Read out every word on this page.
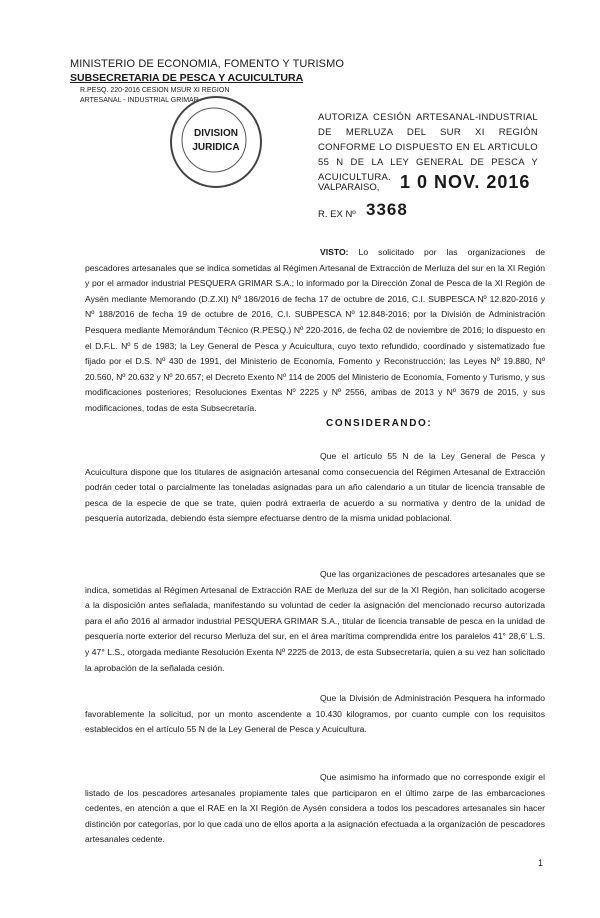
MINISTERIO DE ECONOMIA, FOMENTO Y TURISMO
SUBSECRETARIA DE PESCA Y ACUICULTURA
R.PESQ. 220-2016 CESION MSUR XI REGION
ARTESANAL - INDUSTRIAL GRIMAR
DIVISION
JURIDICA
AUTORIZA CESIÓN ARTESANAL-INDUSTRIAL DE MERLUZA DEL SUR XI REGIÓN CONFORME LO DISPUESTO EN EL ARTICULO 55 N DE LA LEY GENERAL DE PESCA Y ACUICULTURA.
VALPARAISO, 1 0 NOV. 2016
R. EX Nº 3368
VISTO: Lo solicitado por las organizaciones de pescadores artesanales que se indica sometidas al Régimen Artesanal de Extracción de Merluza del sur en la XI Región y por el armador industrial PESQUERA GRIMAR S.A.; lo informado por la Dirección Zonal de Pesca de la XI Región de Aysén mediante Memorando (D.Z.XI) Nº 186/2016 de fecha 17 de octubre de 2016, C.I. SUBPESCA Nº 12.820-2016 y Nº 188/2016 de fecha 19 de octubre de 2016, C.I. SUBPESCA Nº 12.848-2016; por la División de Administración Pesquera mediante Memorándum Técnico (R.PESQ.) Nº 220-2016, de fecha 02 de noviembre de 2016; lo dispuesto en el D.F.L. Nº 5 de 1983; la Ley General de Pesca y Acuicultura, cuyo texto refundido, coordinado y sistematizado fue fijado por el D.S. Nº 430 de 1991, del Ministerio de Economía, Fomento y Reconstrucción; las Leyes Nº 19.880, Nº 20.560, Nº 20.632 y Nº 20.657; el Decreto Exento Nº 114 de 2005 del Ministerio de Economía, Fomento y Turismo, y sus modificaciones posteriores; Resoluciones Exentas Nº 2225 y Nº 2556, ambas de 2013 y Nº 3679 de 2015, y sus modificaciones, todas de esta Subsecretaría.
CONSIDERANDO:
Que el artículo 55 N de la Ley General de Pesca y Acuicultura dispone que los titulares de asignación artesanal como consecuencia del Régimen Artesanal de Extracción podrán ceder total o parcialmente las toneladas asignadas para un año calendario a un titular de licencia transable de pesca de la especie de que se trate, quien podrá extraerla de acuerdo a su normativa y dentro de la unidad de pesquería autorizada, debiendo ésta siempre efectuarse dentro de la misma unidad poblacional.
Que las organizaciones de pescadores artesanales que se indica, sometidas al Régimen Artesanal de Extracción RAE de Merluza del sur de la XI Región, han solicitado acogerse a la disposición antes señalada, manifestando su voluntad de ceder la asignación del mencionado recurso autorizada para el año 2016 al armador industrial PESQUERA GRIMAR S.A., titular de licencia transable de pesca en la unidad de pesquería norte exterior del recurso Merluza del sur, en el área marítima comprendida entre los paralelos 41° 28,6' L.S. y 47° L.S., otorgada mediante Resolución Exenta Nº 2225 de 2013, de esta Subsecretaría, quien a su vez han solicitado la aprobación de la señalada cesión.
Que la División de Administración Pesquera ha informado favorablemente la solicitud, por un monto ascendente a 10.430 kilogramos, por cuanto cumple con los requisitos establecidos en el artículo 55 N de la Ley General de Pesca y Acuicultura.
Que asimismo ha informado que no corresponde exigir el listado de los pescadores artesanales propiamente tales que participaron en el último zarpe de las embarcaciones cedentes, en atención a que el RAE en la XI Región de Aysén considera a todos los pescadores artesanales sin hacer distinción por categorías, por lo que cada uno de ellos aporta a la asignación efectuada a la organización de pescadores artesanales cedente.
1
